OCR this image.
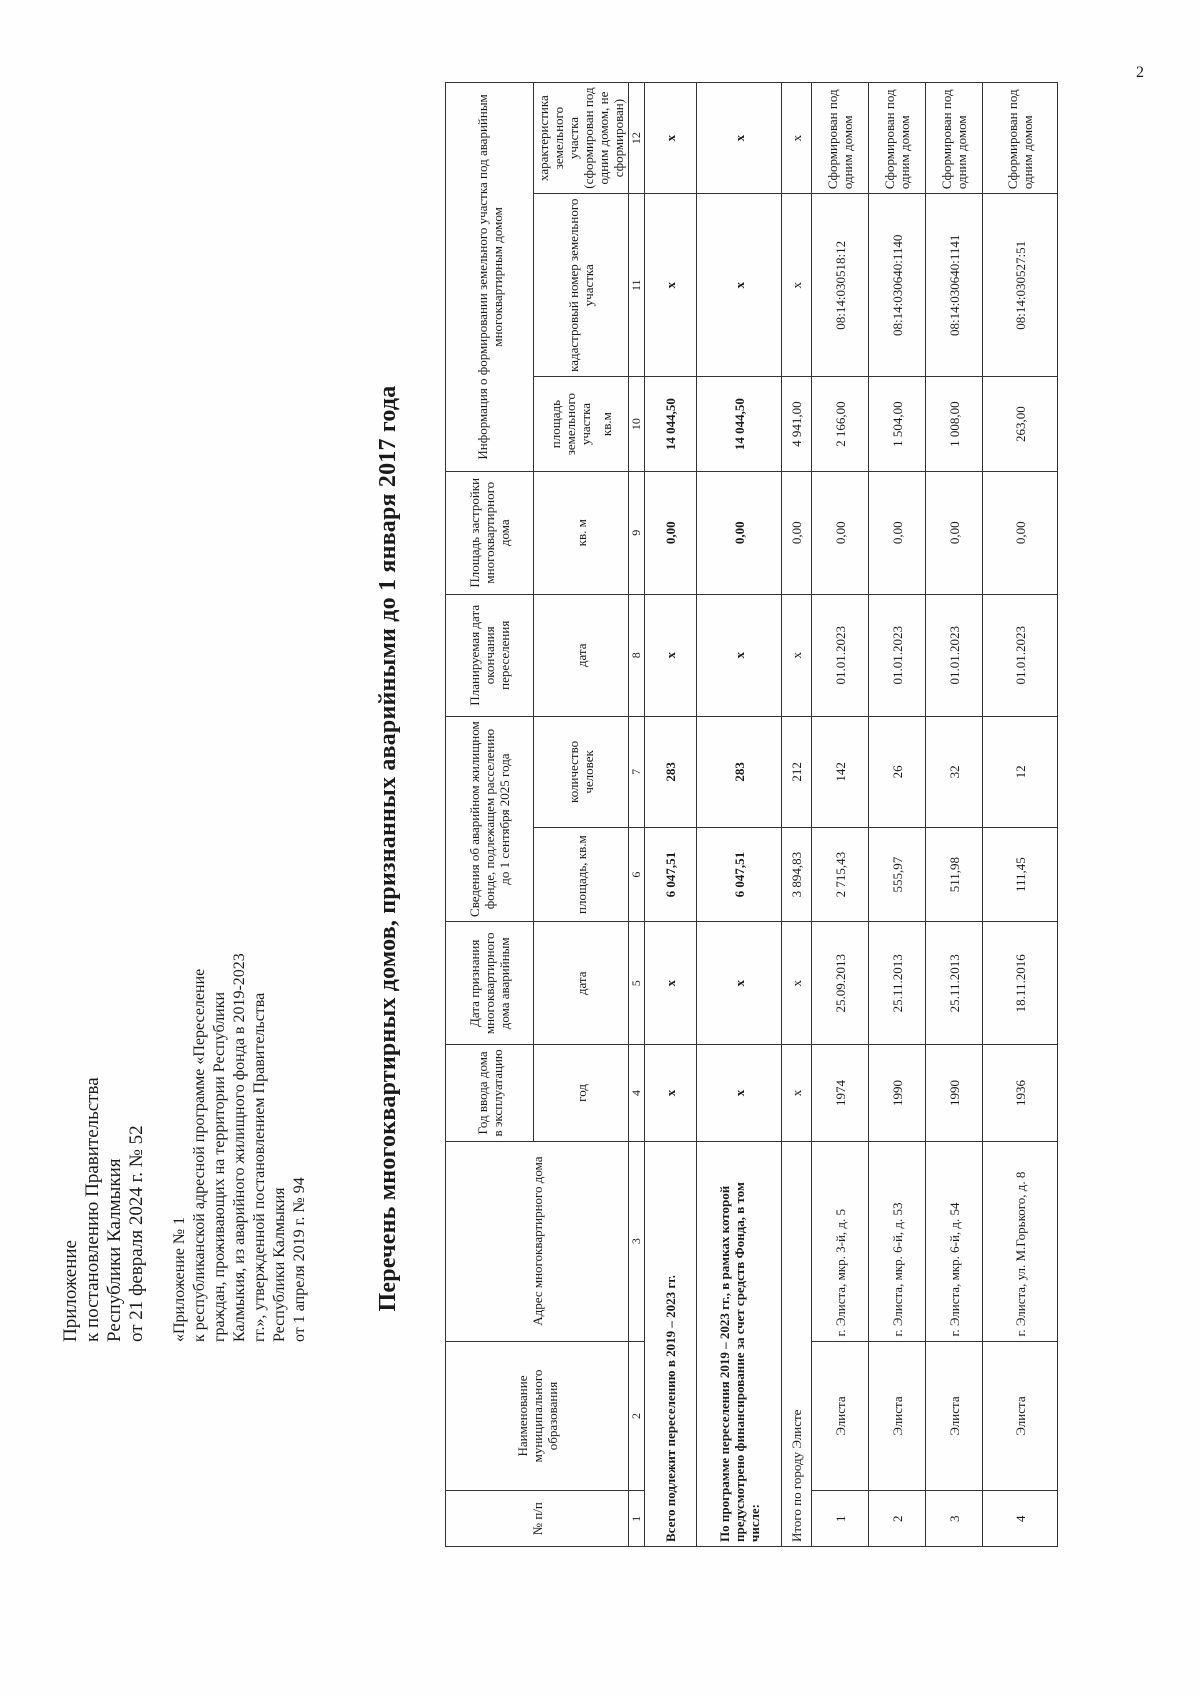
2
Приложение к постановлению Правительства Республики Калмыкия от 21 февраля 2024 г. № 52 «Приложение № 1 к республиканской адресной программе «Переселение граждан, проживающих на территории Республики Калмыкия, из аварийного жилищного фонда в 2019-2023 гг.», утвержденной постановлением Правительства Республики Калмыкия от 1 апреля 2019 г. № 94	Перечень многоквартирных домов, признанных аварийными до 1 января 2017 года
№ п/п	Наименование муниципального образования	Адрес многоквартирного дома	Год ввода дома в эксплуатацию	Дата признания многоквартирного дома аварийным	Сведения об аварийном жилищном фонде, подлежащем расселению до 1 сентября 2025 года		Планируемая дата окончания переселения	Площадь застройки многоквартирного дома	Информация о формировании земельного участка под аварийным многоквартирным домом		
			год	дата	площадь, кв.м	количество человек	дата	кв. м	площадь земельного участка кв.м	кадастровый номер земельного участка	характеристика земельного участка (сформирован под одним домом, не сформирован)
1	2	3	4	5	6	7	8	9	10	11	12
Всего подлежит переселению в 2019 – 2023 гг.			х	х	6 047,51	283	х	0,00	14 044,50	х	х
По программе переселения 2019 – 2023 гг., в рамках которой предусмотрено финансирование за счет средств Фонда, в том числе:			х	х	6 047,51	283	х	0,00	14 044,50	х	х
Итого по городу Элисте			х	х	3 894,83	212	х	0,00	4 941,00	х	х
1	Элиста	г. Элиста, мкр. 3-й, д. 5	1974	25.09.2013	2 715,43	142	01.01.2023	0,00	2 166,00	08:14:030518:12	Сформирован под одним домом
2	Элиста	г. Элиста, мкр. 6-й, д. 53	1990	25.11.2013	555,97	26	01.01.2023	0,00	1 504,00	08:14:030640:1140	Сформирован под одним домом
3	Элиста	г. Элиста, мкр. 6-й, д. 54	1990	25.11.2013	511,98	32	01.01.2023	0,00	1 008,00	08:14:030640:1141	Сформирован под одним домом
4	Элиста	г. Элиста, ул. М.Горького, д. 8	1936	18.11.2016	111,45	12	01.01.2023	0,00	263,00	08:14:030527:51	Сформирован под одним домом
